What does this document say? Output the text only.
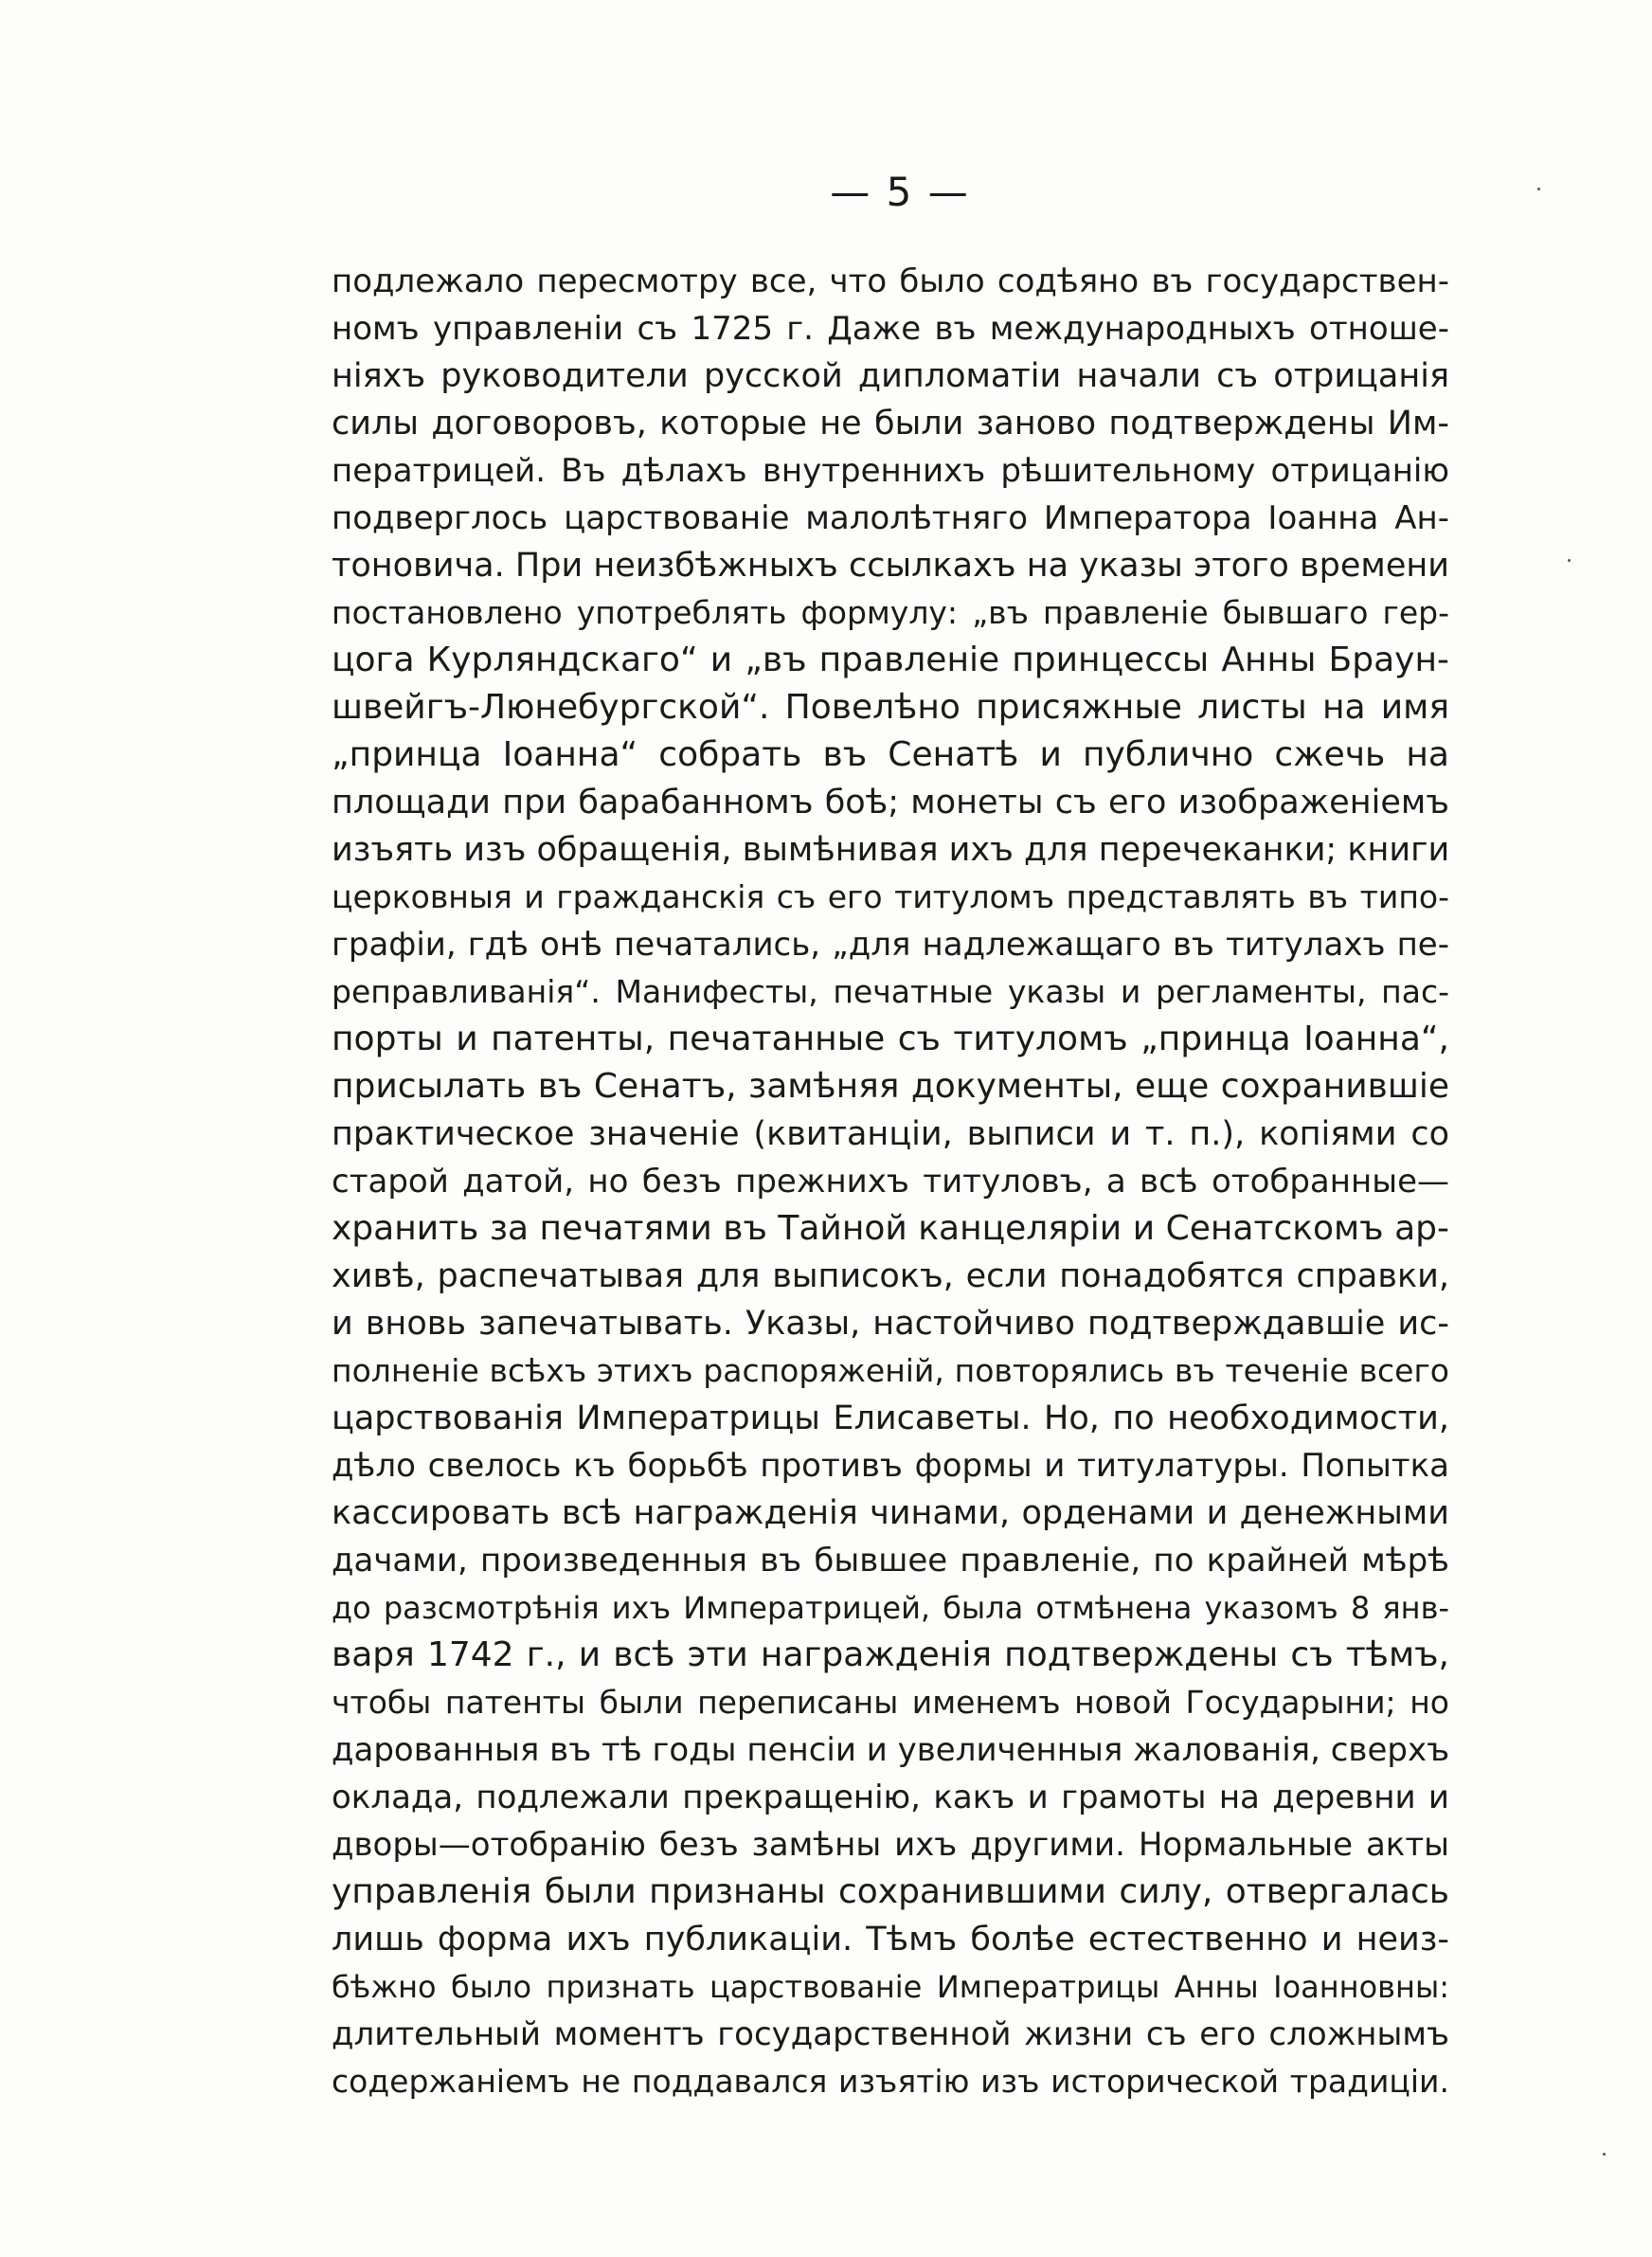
— 5 —
подлежало пересмотру все, что было содѣяно въ государствен-
номъ управленіи съ 1725 г. Даже въ международныхъ отноше-
ніяхъ руководители русской дипломатіи начали съ отрицанія
силы договоровъ, которые не были заново подтверждены Им-
ператрицей. Въ дѣлахъ внутреннихъ рѣшительному отрицанію
подверглось царствованіе малолѣтняго Императора Іоанна Ан-
тоновича. При неизбѣжныхъ ссылкахъ на указы этого времени
постановлено употреблять формулу: „въ правленіе бывшаго гер-
цога Курляндскаго“ и „въ правленіе принцессы Анны Браун-
швейгъ-Люнебургской“. Повелѣно присяжные листы на имя
„принца Іоанна“ собрать въ Сенатѣ и публично сжечь на
площади при барабанномъ боѣ; монеты съ его изображеніемъ
изъять изъ обращенія, вымѣнивая ихъ для перечеканки; книги
церковныя и гражданскія съ его титуломъ представлять въ типо-
графіи, гдѣ онѣ печатались, „для надлежащаго въ титулахъ пе-
реправливанія“. Манифесты, печатные указы и регламенты, пас-
порты и патенты, печатанные съ титуломъ „принца Іоанна“,
присылать въ Сенатъ, замѣняя документы, еще сохранившіе
практическое значеніе (квитанціи, выписи и т. п.), копіями со
старой датой, но безъ прежнихъ титуловъ, а всѣ отобранные—
хранить за печатями въ Тайной канцеляріи и Сенатскомъ ар-
хивѣ, распечатывая для выписокъ, если понадобятся справки,
и вновь запечатывать. Указы, настойчиво подтверждавшіе ис-
полненіе всѣхъ этихъ распоряженій, повторялись въ теченіе всего
царствованія Императрицы Елисаветы. Но, по необходимости,
дѣло свелось къ борьбѣ противъ формы и титулатуры. Попытка
кассировать всѣ награжденія чинами, орденами и денежными
дачами, произведенныя въ бывшее правленіе, по крайней мѣрѣ
до разсмотрѣнія ихъ Императрицей, была отмѣнена указомъ 8 янв-
варя 1742 г., и всѣ эти награжденія подтверждены съ тѣмъ,
чтобы патенты были переписаны именемъ новой Государыни; но
дарованныя въ тѣ годы пенсіи и увеличенныя жалованія, сверхъ
оклада, подлежали прекращенію, какъ и грамоты на деревни и
дворы—отобранію безъ замѣны ихъ другими. Нормальные акты
управленія были признаны сохранившими силу, отвергалась
лишь форма ихъ публикаціи. Тѣмъ болѣе естественно и неиз-
бѣжно было признать царствованіе Императрицы Анны Іоанновны:
длительный моментъ государственной жизни съ его сложнымъ
содержаніемъ не поддавался изъятію изъ исторической традиціи.
